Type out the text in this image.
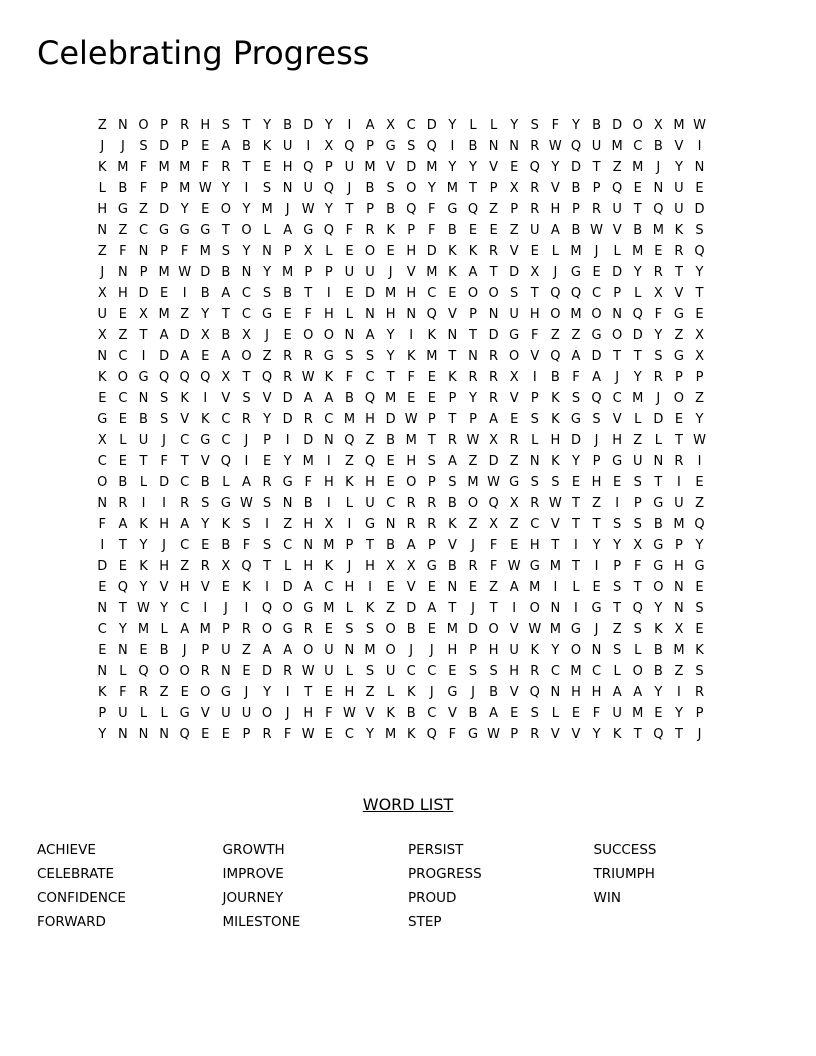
Celebrating Progress
Z N O P R H S T Y B D Y	I	A X C D Y	L	L Y S F Y B D O X M W
J	J	S D P E A B K U	I	X Q P G S Q	I	B N N R W Q U M C B V	I
K M F M M F R T E H Q P U M V D M Y Y V E Q Y D T Z M	J	Y N
L B F P M W Y	I	S N U Q	J	B S O Y M T P X R V B P Q E N U E
H G Z D Y E O Y M	J W Y T P B Q F G Q Z P R H P R U T Q U D
N Z C G G G T O L A G Q F R K P F B E E Z U A B W V B M K S
Z F N P F M S Y N P X L E O E H D K K R V E L M	J	L M E R Q
J	N P M W D B N Y M P P U U	J	V M K A T D X	J	G E D Y R T Y
X H D E	I	B A C S B T	I	E D M H C E O O S T Q Q C P	L X V T
U E X M Z Y T C G E F H L N H N Q V P N U H O M O N Q F G E
X Z T A D X B X	J	E O O N A Y	I	K N T D G F Z Z G O D Y Z X
N C	I	D A E A O Z R R G S S Y K M T N R O V Q A D T T S G X
K O G Q Q Q X T Q R W K F C T F E K R R X	I	B F A	J	Y R P P
E C N S K	I	V S V D A A B Q M E E P Y R V P K S Q C M	J	O Z
G E B S V K C R Y D R C M H D W P T P A E S K G S V L D E Y
X L U	J	C G C	J	P	I	D N Q Z B M T R W X R L H D	J	H Z L T W
C E T F T V Q	I	E Y M	I	Z Q E H S A Z D Z N K Y P G U N R	I
O B L D C B L A R G F H K H E O P S M W G S S E H E S T	I	E
N R	I	I	R S G W S N B	I	L U C R R B O Q X R W T Z	I	P G U Z
F A K H A Y K S	I	Z H X	I	G N R R K Z X Z C V T T S S B M Q
I	T Y	J	C E B F S C N M P T B A P V	J	F E H T	I	Y Y X G P Y
D E K H Z R X Q T	L H K	J	H X X G B R F W G M T	I	P F G H G
E Q Y V H V E K	I	D A C H	I	E V E N E Z A M	I	L E S T O N E
N T W Y C	I	J	I	Q O G M L K Z D A T	J	T	I	O N	I	G T Q Y N S
C Y M L A M P R O G R E S S O B E M D O V W M G	J	Z S K X E
E N E B	J	P U Z A A O U N M O	J	J	H P H U K Y O N S L B M K
N L Q O O R N E D R W U L S U C C E S S H R C M C L O B Z S
K F R Z E O G	J	Y	I	T E H Z L K	J	G	J	B V Q N H H A A Y	I	R
P U L	L G V U U O	J	H F W V K B C V B A E S L E F U M E Y P
Y N N N Q E E P R F W E C Y M K Q F G W P R V V Y K T Q T	J
WORD LIST
ACHIEVE	GROWTH	PERSIST	SUCCESS
CELEBRATE	IMPROVE	PROGRESS	TRIUMPH
CONFIDENCE	JOURNEY	PROUD	WIN
FORWARD	MILESTONE	STEP
